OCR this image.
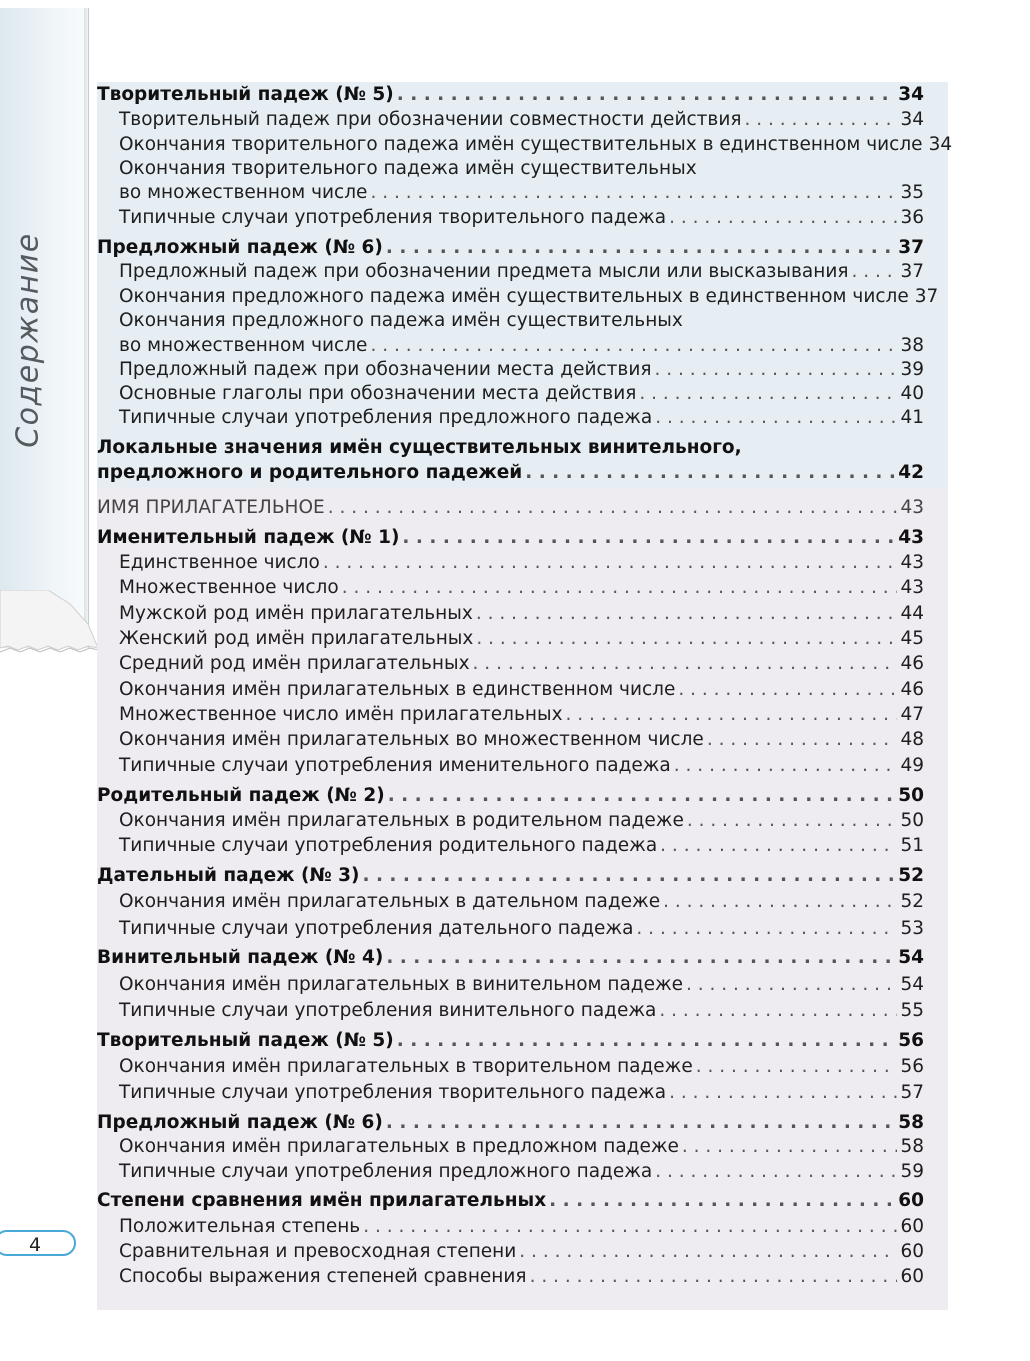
Содержание
4
Творительный падеж (№ 5) . . .	34
Творительный падеж при обозначении совместности действия . . .	34
Окончания творительного падежа имён существительных в единственном числе 34
Окончания творительного падежа имён существительных
во множественном числе . . .	35
Типичные случаи употребления творительного падежа . . .	36
Предложный падеж (№ 6) . . .	37
Предложный падеж при обозначении предмета мысли или высказывания . . .	37
Окончания предложного падежа имён существительных в единственном числе 37
Окончания предложного падежа имён существительных
во множественном числе . . .	38
Предложный падеж при обозначении места действия . . .	39
Основные глаголы при обозначении места действия . . .	40
Типичные случаи употребления предложного падежа . . .	41
Локальные значения имён существительных винительного,
предложного и родительного падежей . . .	42
ИМЯ ПРИЛАГАТЕЛЬНОЕ . . .	43
Именительный падеж (№ 1) . . .	43
Единственное число . . .	43
Множественное число . . .	43
Мужской род имён прилагательных . . .	44
Женский род имён прилагательных . . .	45
Средний род имён прилагательных . . .	46
Окончания имён прилагательных в единственном числе . . .	46
Множественное число имён прилагательных . . .	47
Окончания имён прилагательных во множественном числе . . .	48
Типичные случаи употребления именительного падежа . . .	49
Родительный падеж (№ 2) . . .	50
Окончания имён прилагательных в родительном падеже . . .	50
Типичные случаи употребления родительного падежа . . .	51
Дательный падеж (№ 3) . . .	52
Окончания имён прилагательных в дательном падеже . . .	52
Типичные случаи употребления дательного падежа . . .	53
Винительный падеж (№ 4) . . .	54
Окончания имён прилагательных в винительном падеже . . .	54
Типичные случаи употребления винительного падежа . . .	55
Творительный падеж (№ 5) . . .	56
Окончания имён прилагательных в творительном падеже . . .	56
Типичные случаи употребления творительного падежа . . .	57
Предложный падеж (№ 6) . . .	58
Окончания имён прилагательных в предложном падеже . . .	58
Типичные случаи употребления предложного падежа . . .	59
Степени сравнения имён прилагательных . . .	60
Положительная степень . . .	60
Сравнительная и превосходная степени . . .	60
Способы выражения степеней сравнения . . .	60
